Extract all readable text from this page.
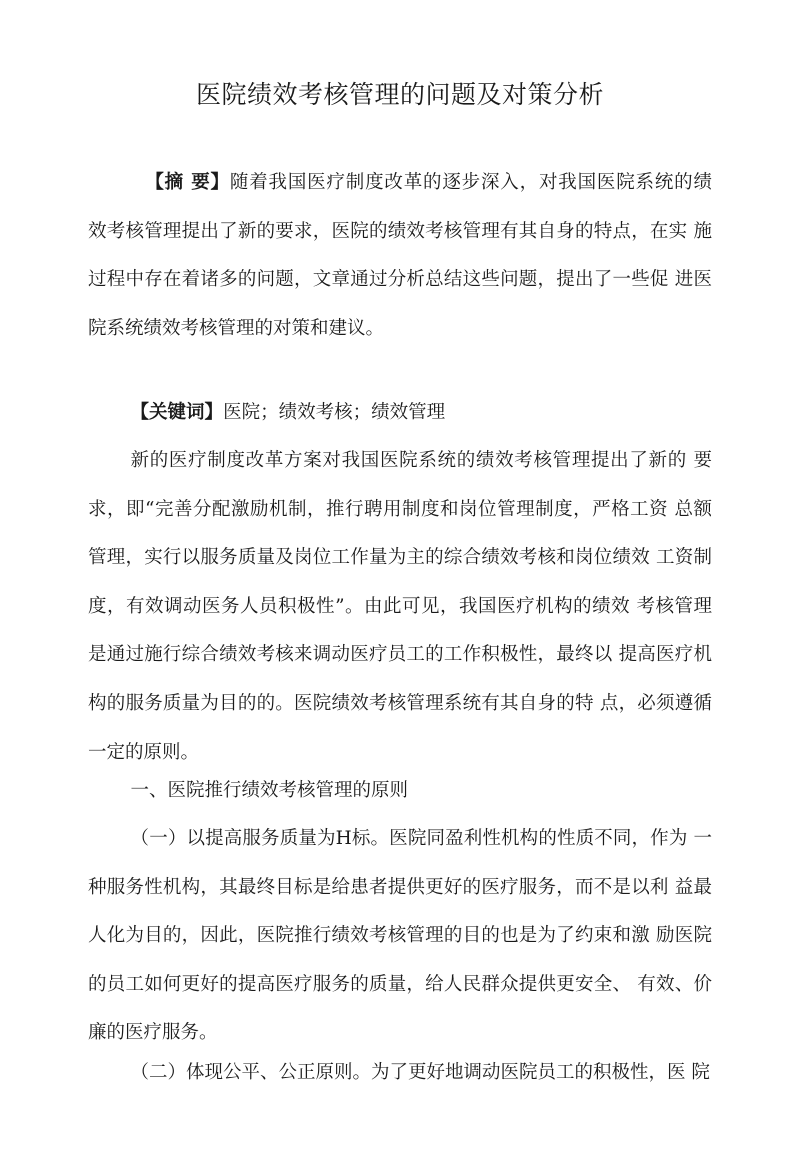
医院绩效考核管理的问题及对策分析

【摘 要】随着我国医疗制度改革的逐步深入，对我国医院系统的绩 效考核管理提出了新的要求，医院的绩效考核管理有其自身的特点，在实 施过程中存在着诸多的问题，文章通过分析总结这些问题，提出了一些促 进医院系统绩效考核管理的对策和建议。

【关键词】医院；绩效考核；绩效管理

新的医疗制度改革方案对我国医院系统的绩效考核管理提出了新的 要求，即“完善分配激励机制，推行聘用制度和岗位管理制度，严格工资 总额管理，实行以服务质量及岗位工作量为主的综合绩效考核和岗位绩效 工资制度，有效调动医务人员积极性”。由此可见，我国医疗机构的绩效 考核管理是通过施行综合绩效考核来调动医疗员工的工作积极性，最终以 提高医疗机构的服务质量为目的的。医院绩效考核管理系统有其自身的特 点，必须遵循一定的原则。

一、医院推行绩效考核管理的原则

（一）以提高服务质量为H标。医院同盈利性机构的性质不同，作为 一种服务性机构，其最终目标是给患者提供更好的医疗服务，而不是以利 益最人化为目的，因此，医院推行绩效考核管理的目的也是为了约束和激 励医院的员工如何更好的提高医疗服务的质量，给人民群众提供更安全、 有效、价廉的医疗服务。

（二）体现公平、公正原则。为了更好地调动医院员工的积极性，医 院
